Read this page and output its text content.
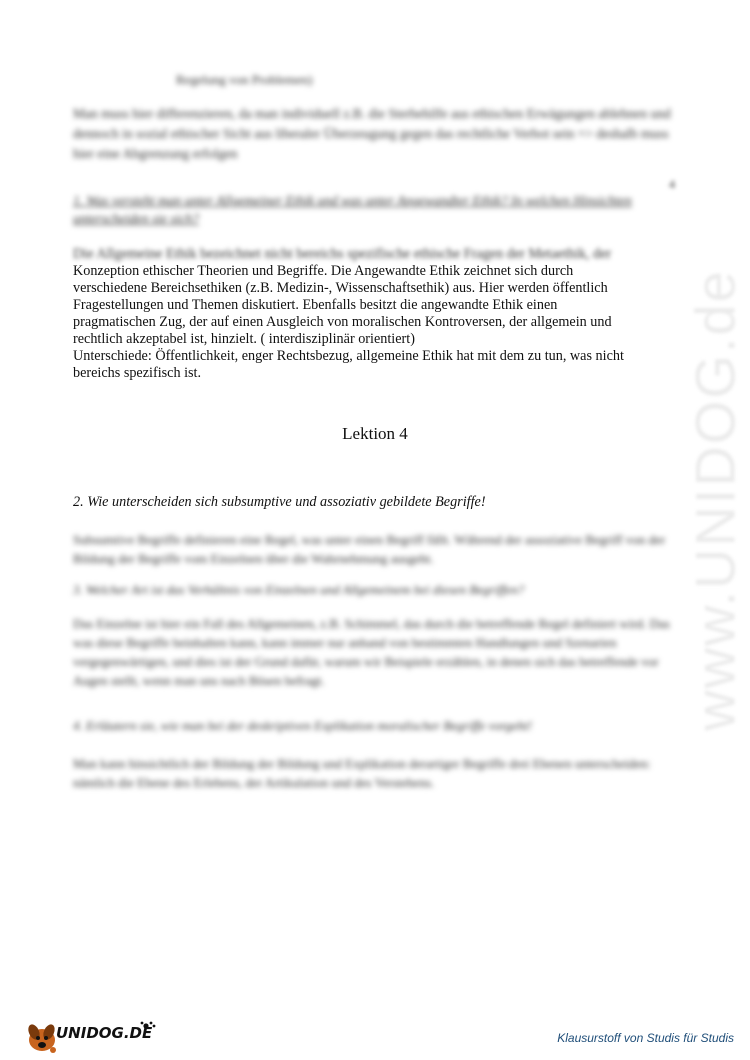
Regelung von Problemen)
Man muss hier differenzieren, da man individuell z.B. die Sterbehilfe aus ethischen Erwägungen ablehnen und dennoch in sozial ethischer Sicht aus liberaler Überzeugung gegen das rechtliche Verbot sein => deshalb muss hier eine Abgrenzung erfolgen
4
1. Was versteht man unter Allgemeiner Ethik und was unter Angewandter Ethik? In welchen Hinsichten unterscheiden sie sich?
Die Allgemeine Ethik bezeichnet nicht bereichs spezifische ethische Fragen der Metaethik, der
Konzeption ethischer Theorien und Begriffe. Die Angewandte Ethik zeichnet sich durch
verschiedene Bereichsethiken (z.B. Medizin-, Wissenschaftsethik) aus. Hier werden öffentlich
Fragestellungen und Themen diskutiert. Ebenfalls besitzt die angewandte Ethik einen
pragmatischen Zug, der auf einen Ausgleich von moralischen Kontroversen, der allgemein und
rechtlich akzeptabel ist, hinzielt. ( interdisziplinär orientiert)
Unterschiede: Öffentlichkeit, enger Rechtsbezug, allgemeine Ethik hat mit dem zu tun, was nicht
bereichs spezifisch ist.
Lektion 4
2. Wie unterscheiden sich subsumptive und assoziativ gebildete Begriffe!
Subsumtive Begriffe definieren eine Regel, was unter einen Begriff fällt. Während der assoziative Begriff von der Bildung der Begriffe vom Einzelnen über die Wahrnehmung ausgeht.
3. Welcher Art ist das Verhältnis von Einzelnen und Allgemeinem bei diesen Begriffen?
Das Einzelne ist hier ein Fall des Allgemeinen, z.B. Schimmel, das durch die betreffende Regel definiert wird. Das was diese Begriffe beinhalten kann, kann immer nur anhand von bestimmten Handlungen und Szenarien vergegenwärtigen, und dies ist der Grund dafür, warum wir Beispiele erzählen, in denen sich das betreffende vor Augen stellt, wenn man uns nach Bösen befragt.
4. Erläutern sie, wie man bei der deskriptiven Explikation moralischer Begriffe vorgeht!
Man kann hinsichtlich der Bildung der Bildung und Explikation derartiger Begriffe drei Ebenen unterscheiden: nämlich die Ebene des Erlebens, der Artikulation und des Verstehens.
www.UNIDOG.de
UNIDOG.DE	Klausurstoff von Studis für Studis
